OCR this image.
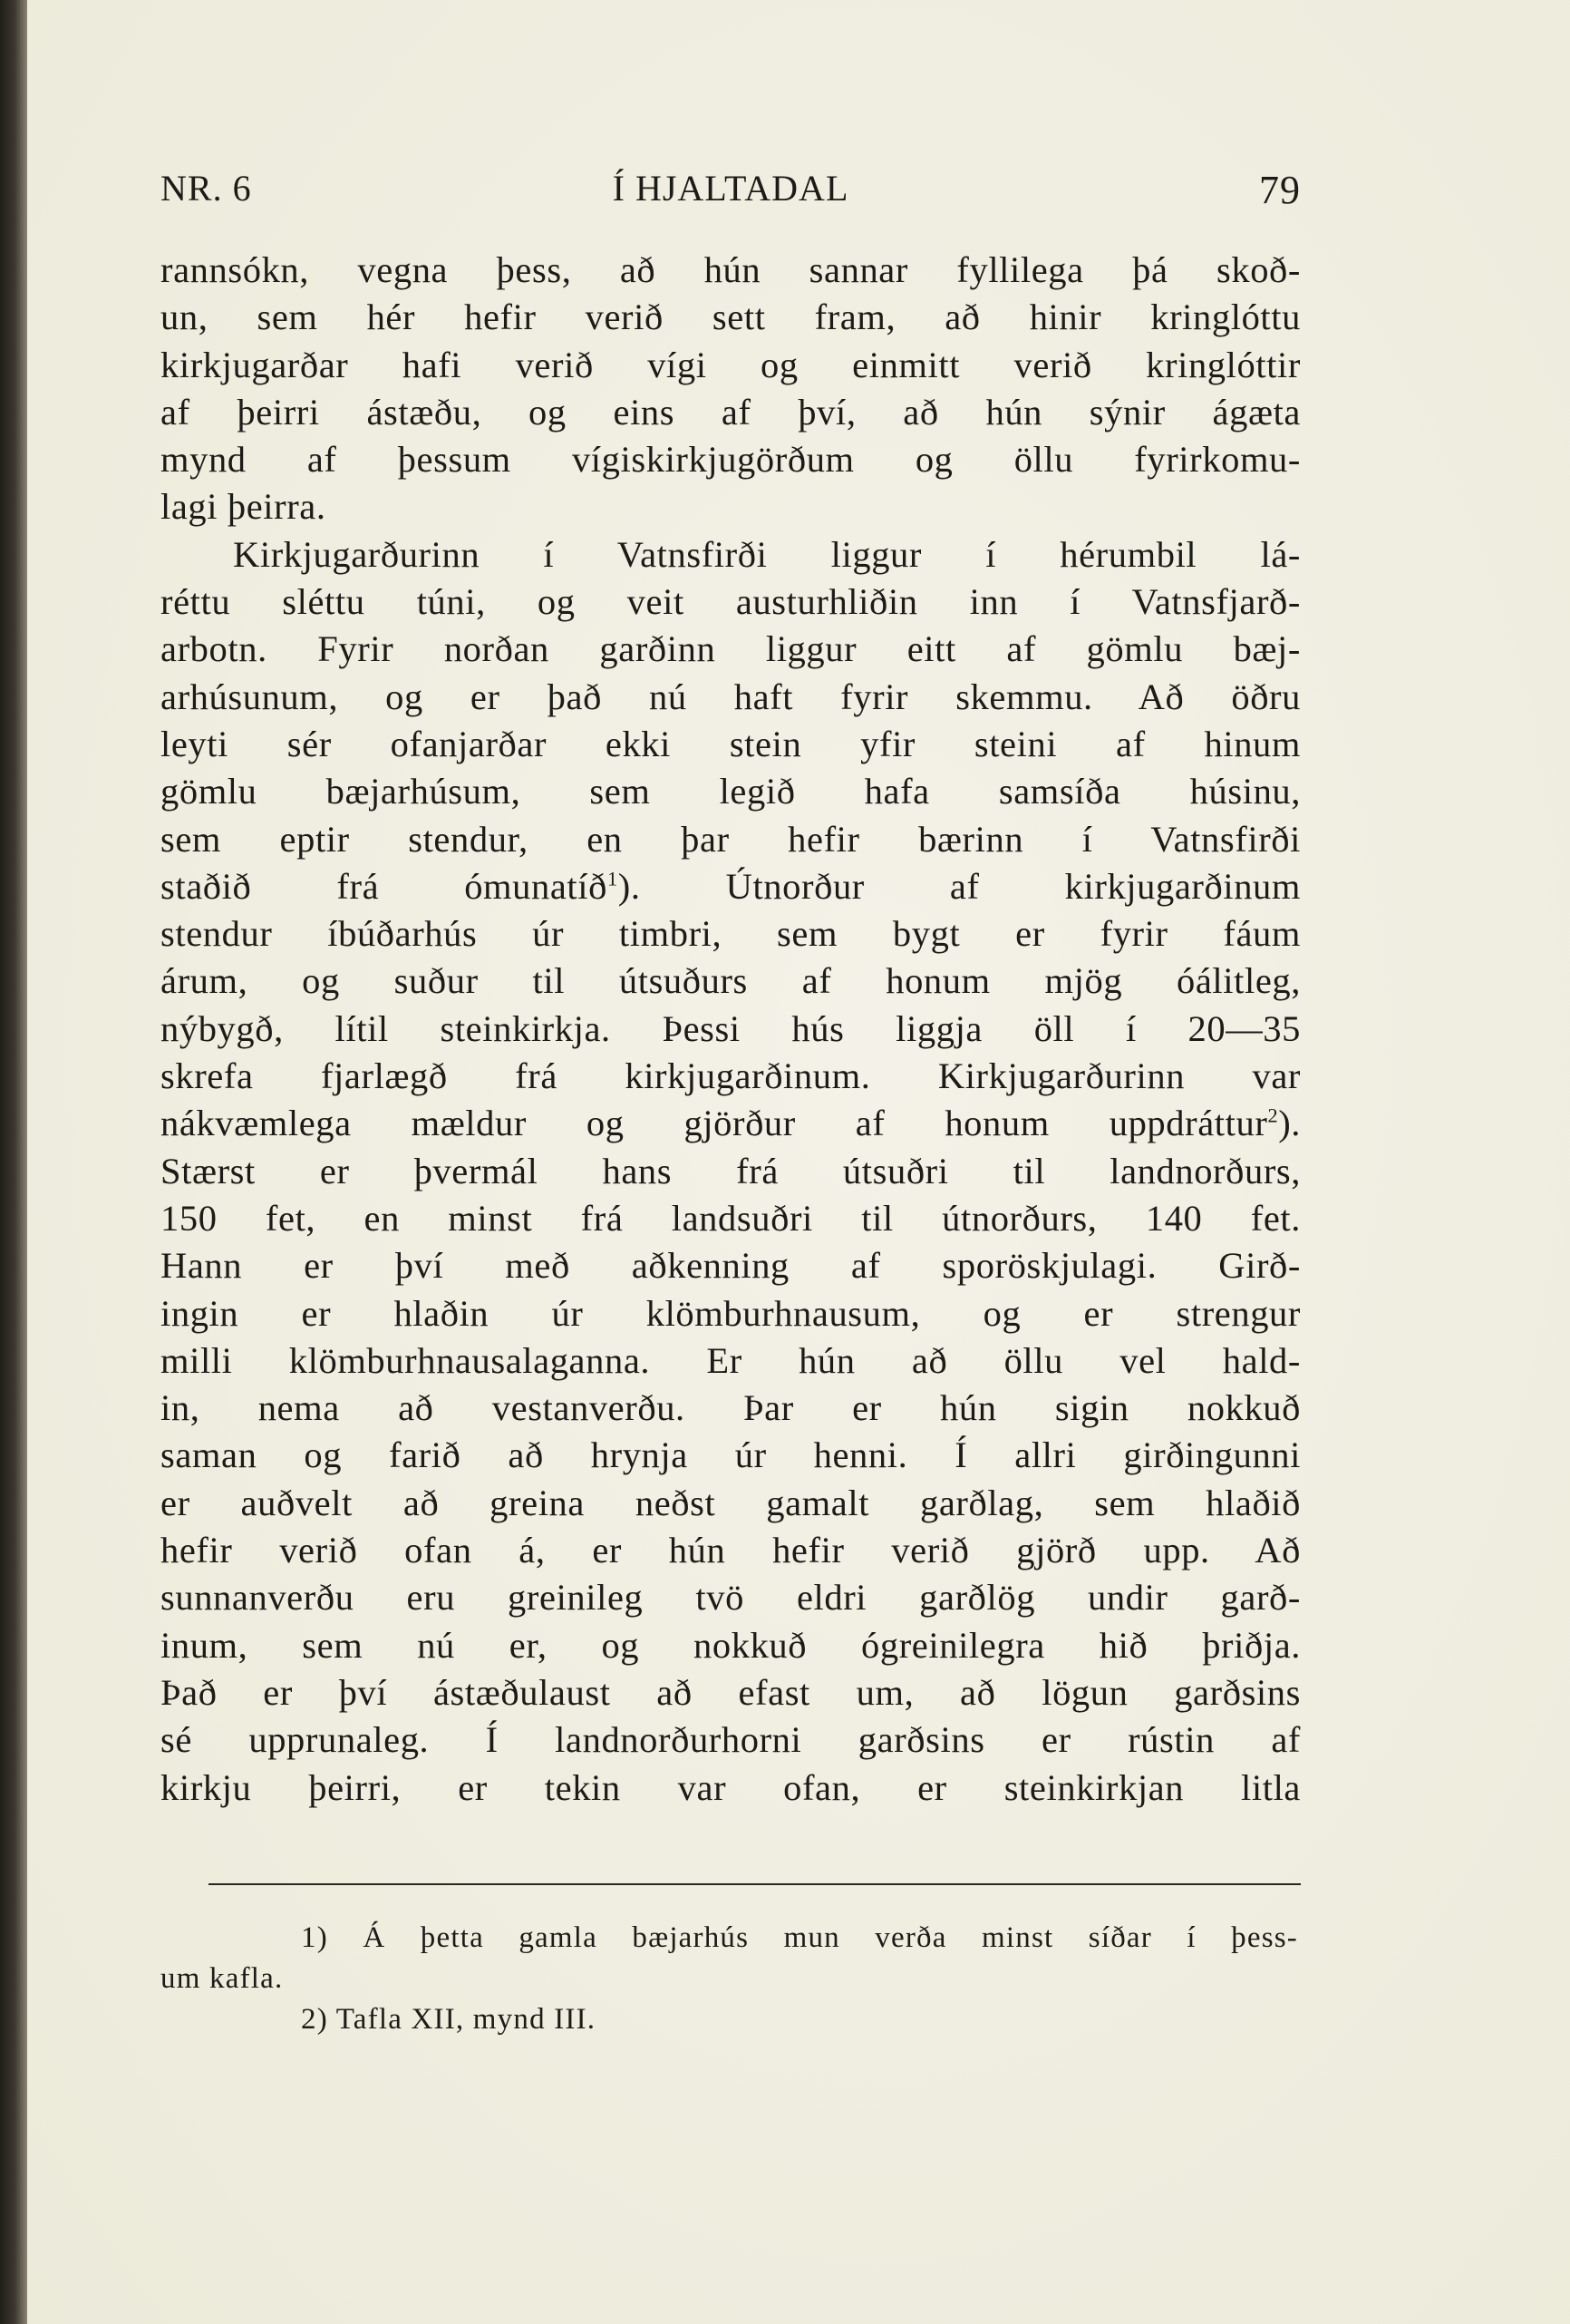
NR. 6	Í HJALTADAL	79
rannsókn, vegna þess, að hún sannar fyllilega þá skoð-
un, sem hér hefir verið sett fram, að hinir kringlóttu
kirkjugarðar hafi verið vígi og einmitt verið kringlóttir
af þeirri ástæðu, og eins af því, að hún sýnir ágæta
mynd af þessum vígiskirkjugörðum og öllu fyrirkomu-
lagi þeirra.
Kirkjugarðurinn í Vatnsfirði liggur í hérumbil lá-
réttu sléttu túni, og veit austurhliðin inn í Vatnsfjarð-
arbotn. Fyrir norðan garðinn liggur eitt af gömlu bæj-
arhúsunum, og er það nú haft fyrir skemmu. Að öðru
leyti sér ofanjarðar ekki stein yfir steini af hinum
gömlu bæjarhúsum, sem legið hafa samsíða húsinu,
sem eptir stendur, en þar hefir bærinn í Vatnsfirði
staðið frá ómunatíð$^1$). Útnorður af kirkjugarðinum
stendur íbúðarhús úr timbri, sem bygt er fyrir fáum
árum, og suður til útsuðurs af honum mjög óálitleg,
nýbygð, lítil steinkirkja. Þessi hús liggja öll í 20—35
skrefa fjarlægð frá kirkjugarðinum. Kirkjugarðurinn var
nákvæmlega mældur og gjörður af honum uppdráttur$^2$).
Stærst er þvermál hans frá útsuðri til landnorðurs,
150 fet, en minst frá landsuðri til útnorðurs, 140 fet.
Hann er því með aðkenning af sporöskjulagi. Girð-
ingin er hlaðin úr klömburhnausum, og er strengur
milli klömburhnausalaganna. Er hún að öllu vel hald-
in, nema að vestanverðu. Þar er hún sigin nokkuð
saman og farið að hrynja úr henni. Í allri girðingunni
er auðvelt að greina neðst gamalt garðlag, sem hlaðið
hefir verið ofan á, er hún hefir verið gjörð upp. Að
sunnanverðu eru greinileg tvö eldri garðlög undir garð-
inum, sem nú er, og nokkuð ógreinilegra hið þriðja.
Það er því ástæðulaust að efast um, að lögun garðsins
sé upprunaleg. Í landnorðurhorni garðsins er rústin af
kirkju þeirri, er tekin var ofan, er steinkirkjan litla
1) Á þetta gamla bæjarhús mun verða minst síðar í þess-
um kafla.
2) Tafla XII, mynd III.
